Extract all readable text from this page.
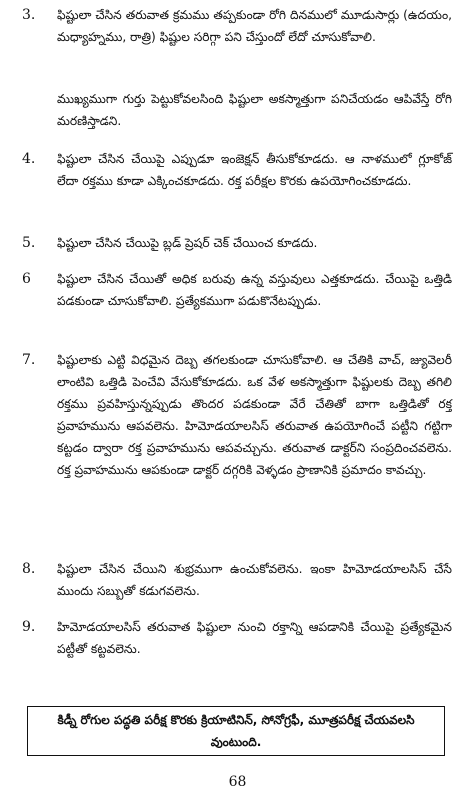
3.	ఫిష్టులా చేసిన తరువాత క్రమము తప్పకుండా రోగి దినములో మూడుసార్లు (ఉదయం, మధ్యాహ్నము, రాత్రి) ఫిష్టుల సరిగ్గా పని చేస్తుందో లేదో చూసుకోవాలి.
ముఖ్యముగా గుర్తు పెట్టుకోవలసింది ఫిష్టులా అకస్మాత్తుగా పనిచేయడం ఆపివేస్తే రోగి మరణిస్తాడని.
4.	ఫిష్టులా చేసిన చేయిపై ఎప్పుడూ ఇంజెక్షన్ తీసుకోకూడదు. ఆ నాళములో గ్లూకోజ్ లేదా రక్తము కూడా ఎక్కించకూడదు. రక్త పరీక్షల కొరకు ఉపయోగించకూడదు.
5.	ఫిష్టులా చేసిన చేయిపై బ్లడ్ ప్రెషర్ చెక్ చేయించ కూడదు.
6	ఫిష్టులా చేసిన చేయితో అధిక బరువు ఉన్న వస్తువులు ఎత్తకూడదు. చేయిపై ఒత్తిడి పడకుండా చూసుకోవాలి. ప్రత్యేకముగా పడుకొనేటప్పుడు.
7.	ఫిష్టులాకు ఎట్టి విధమైన దెబ్బ తగలకుండా చూసుకోవాలి. ఆ చేతికి వాచ్, జ్యువెలరీ లాంటివి ఒత్తిడి పెంచేవి వేసుకోకూడదు. ఒక వేళ అకస్మాత్తుగా ఫిష్టులకు దెబ్బ తగిలి రక్తము ప్రవహిస్తున్నప్పుడు తొందర పడకుండా వేరే చేతితో బాగా ఒత్తిడితో రక్త ప్రవాహమును ఆపవలెను. హిమోడయాలసిస్ తరువాత ఉపయోగించే పట్టీని గట్టిగా కట్టడం ద్వారా రక్త ప్రవాహమును ఆపవచ్చును. తరువాత డాక్టర్‌ని సంప్రదించవలెను. రక్త ప్రవాహమును ఆపకుండా డాక్టర్ దగ్గరికి వెళ్ళడం ప్రాణానికి ప్రమాదం కావచ్చు.
8.	ఫిష్టులా చేసిన చేయిని శుభ్రముగా ఉంచుకోవలెను. ఇంకా హిమోడయాలసిస్ చేసే ముందు సబ్బుతో కడుగవలెను.
9.	హిమోడయాలసిస్ తరువాత ఫిష్టులా నుంచి రక్తాన్ని ఆపడానికి చేయిపై ప్రత్యేకమైన పట్టీతో కట్టవలెను.
కిడ్నీ రోగుల పద్ధతి పరీక్ష కొరకు క్రియాటినిన్, సోనోగ్రఫీ, మూత్రపరీక్ష చేయవలసి వుంటుంది.
68
